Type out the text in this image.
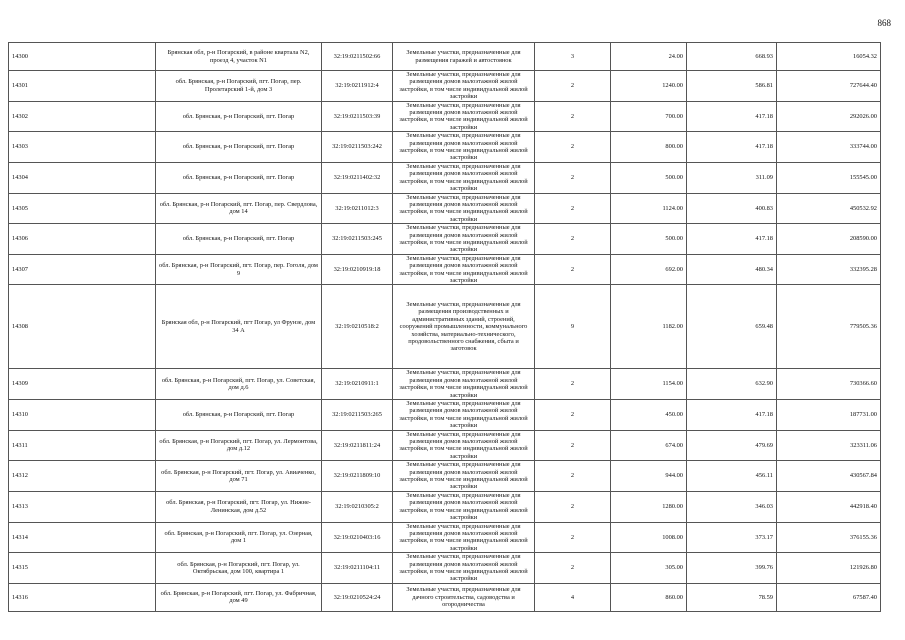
868
14300	Брянская обл, р-н Погарский, в районе квартала N2, проезд 4, участок N1	32:19:0211502:66	Земельные участки, предназначенные для размещения гаражей и автостоянок	3	24.00	668.93	16054.32
14301	обл. Брянская, р-н Погарский, пгт. Погар, пер. Пролетарский 1-й, дом 3	32:19:0211912:4	Земельные участки, предназначенные для размещения домов малоэтажной жилой застройки, в том числе индивидуальной жилой застройки	2	1240.00	586.81	727644.40
14302	обл. Брянская, р-н Погарский, пгт. Погар	32:19:0211503:39	Земельные участки, предназначенные для размещения домов малоэтажной жилой застройки, в том числе индивидуальной жилой застройки	2	700.00	417.18	292026.00
14303	обл. Брянская, р-н Погарский, пгт. Погар	32:19:0211503:242	Земельные участки, предназначенные для размещения домов малоэтажной жилой застройки, в том числе индивидуальной жилой застройки	2	800.00	417.18	333744.00
14304	обл. Брянская, р-н Погарский, пгт. Погар	32:19:0211402:32	Земельные участки, предназначенные для размещения домов малоэтажной жилой застройки, в том числе индивидуальной жилой застройки	2	500.00	311.09	155545.00
14305	обл. Брянская, р-н Погарский, пгт. Погар, пер. Свердлова, дом 14	32:19:0211012:3	Земельные участки, предназначенные для размещения домов малоэтажной жилой застройки, в том числе индивидуальной жилой застройки	2	1124.00	400.83	450532.92
14306	обл. Брянская, р-н Погарский, пгт. Погар	32:19:0211503:245	Земельные участки, предназначенные для размещения домов малоэтажной жилой застройки, в том числе индивидуальной жилой застройки	2	500.00	417.18	208590.00
14307	обл. Брянская, р-н Погарский, пгт. Погар, пер. Гоголя, дом 9	32:19:0210919:18	Земельные участки, предназначенные для размещения домов малоэтажной жилой застройки, в том числе индивидуальной жилой застройки	2	692.00	480.34	332395.28
14308	Брянская обл, р-н Погарский, пгт Погар, ул Фрунзе, дом 34 А	32:19:0210518:2	Земельные участки, предназначенные для размещения производственных и административных зданий, строений, сооружений промышленности, коммунального хозяйства, материально-технического, продовольственного снабжения, сбыта и заготовок	9	1182.00	659.48	779505.36
14309	обл. Брянская, р-н Погарский, пгт. Погар, ул. Советская, дом д.6	32:19:0210911:1	Земельные участки, предназначенные для размещения домов малоэтажной жилой застройки, в том числе индивидуальной жилой застройки	2	1154.00	632.90	730366.60
14310	обл. Брянская, р-н Погарский, пгт. Погар	32:19:0211503:265	Земельные участки, предназначенные для размещения домов малоэтажной жилой застройки, в том числе индивидуальной жилой застройки	2	450.00	417.18	187731.00
14311	обл. Брянская, р-н Погарский, пгт. Погар, ул. Лермонтова, дом д.12	32:19:0211811:24	Земельные участки, предназначенные для размещения домов малоэтажной жилой застройки, в том числе индивидуальной жилой застройки	2	674.00	479.69	323311.06
14312	обл. Брянская, р-н Погарский, пгт. Погар, ул. Авиаченко, дом 71	32:19:0211809:10	Земельные участки, предназначенные для размещения домов малоэтажной жилой застройки, в том числе индивидуальной жилой застройки	2	944.00	456.11	430567.84
14313	обл. Брянская, р-н Погарский, пгт. Погар, ул. Нижне-Ленинская, дом д.52	32:19:0210305:2	Земельные участки, предназначенные для размещения домов малоэтажной жилой застройки, в том числе индивидуальной жилой застройки	2	1280.00	346.03	442918.40
14314	обл. Брянская, р-н Погарский, пгт. Погар, ул. Озерная, дом 1	32:19:0210403:16	Земельные участки, предназначенные для размещения домов малоэтажной жилой застройки, в том числе индивидуальной жилой застройки	2	1008.00	373.17	376155.36
14315	обл. Брянская, р-н Погарский, пгт. Погар, ул. Октябрьская, дом 100, квартира 1	32:19:0211104:11	Земельные участки, предназначенные для размещения домов малоэтажной жилой застройки, в том числе индивидуальной жилой застройки	2	305.00	399.76	121926.80
14316	обл. Брянская, р-н Погарский, пгт. Погар, ул. Фабричная, дом 49	32:19:0210524:24	Земельные участки, предназначенные для дачного строительства, садоводства и огородничества	4	860.00	78.59	67587.40
